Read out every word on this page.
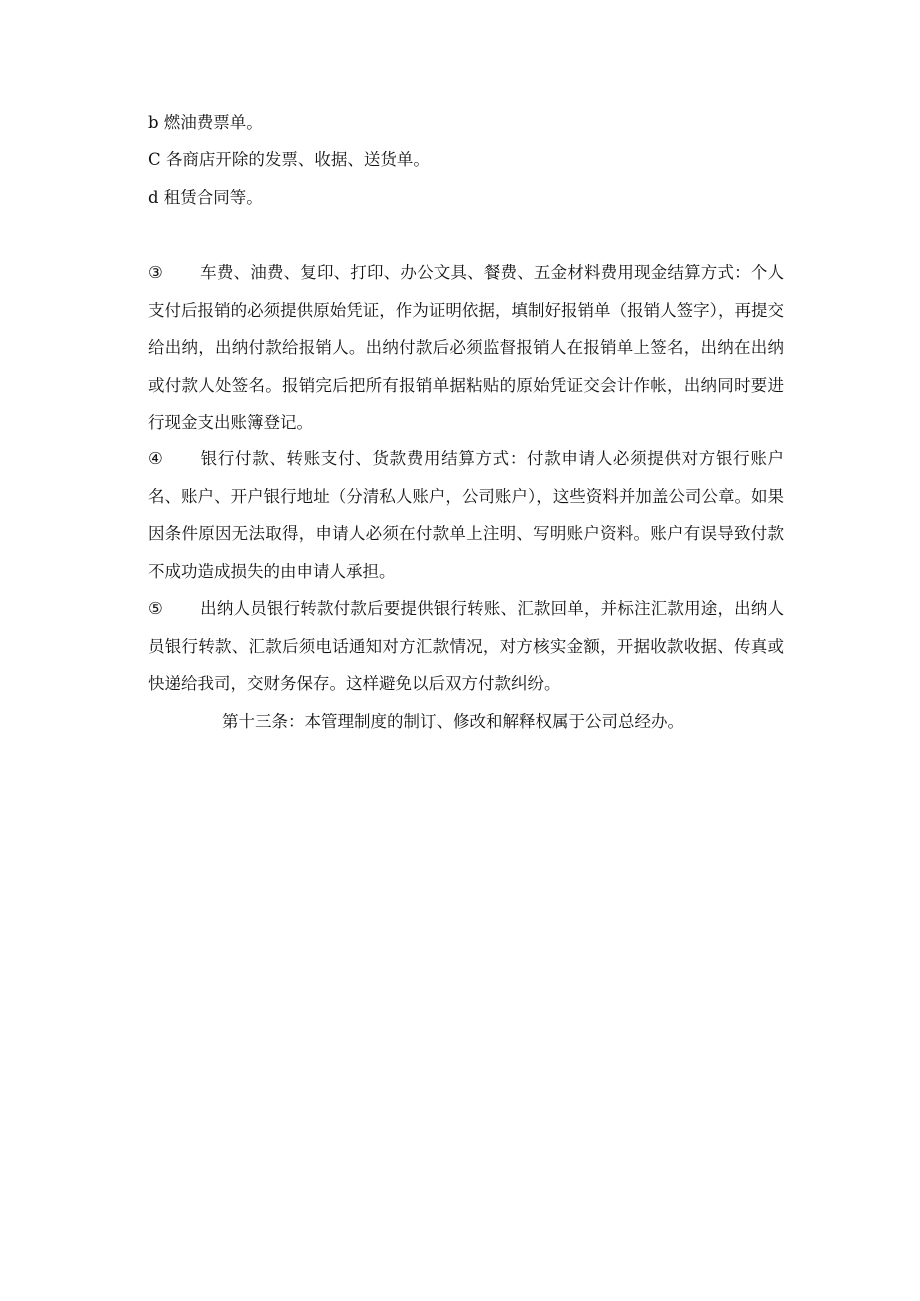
b 燃油费票单。
C 各商店开除的发票、收据、送货单。
d 租赁合同等。
③ 车费、油费、复印、打印、办公文具、餐费、五金材料费用现金结算方式：个人支付后报销的必须提供原始凭证，作为证明依据，填制好报销单（报销人签字），再提交给出纳，出纳付款给报销人。出纳付款后必须监督报销人在报销单上签名，出纳在出纳或付款人处签名。报销完后把所有报销单据粘贴的原始凭证交会计作帐，出纳同时要进行现金支出账簿登记。
④ 银行付款、转账支付、货款费用结算方式：付款申请人必须提供对方银行账户名、账户、开户银行地址（分清私人账户，公司账户），这些资料并加盖公司公章。如果因条件原因无法取得，申请人必须在付款单上注明、写明账户资料。账户有误导致付款不成功造成损失的由申请人承担。
⑤ 出纳人员银行转款付款后要提供银行转账、汇款回单，并标注汇款用途，出纳人员银行转款、汇款后须电话通知对方汇款情况，对方核实金额，开据收款收据、传真或快递给我司，交财务保存。这样避免以后双方付款纠纷。
第十三条：本管理制度的制订、修改和解释权属于公司总经办。
